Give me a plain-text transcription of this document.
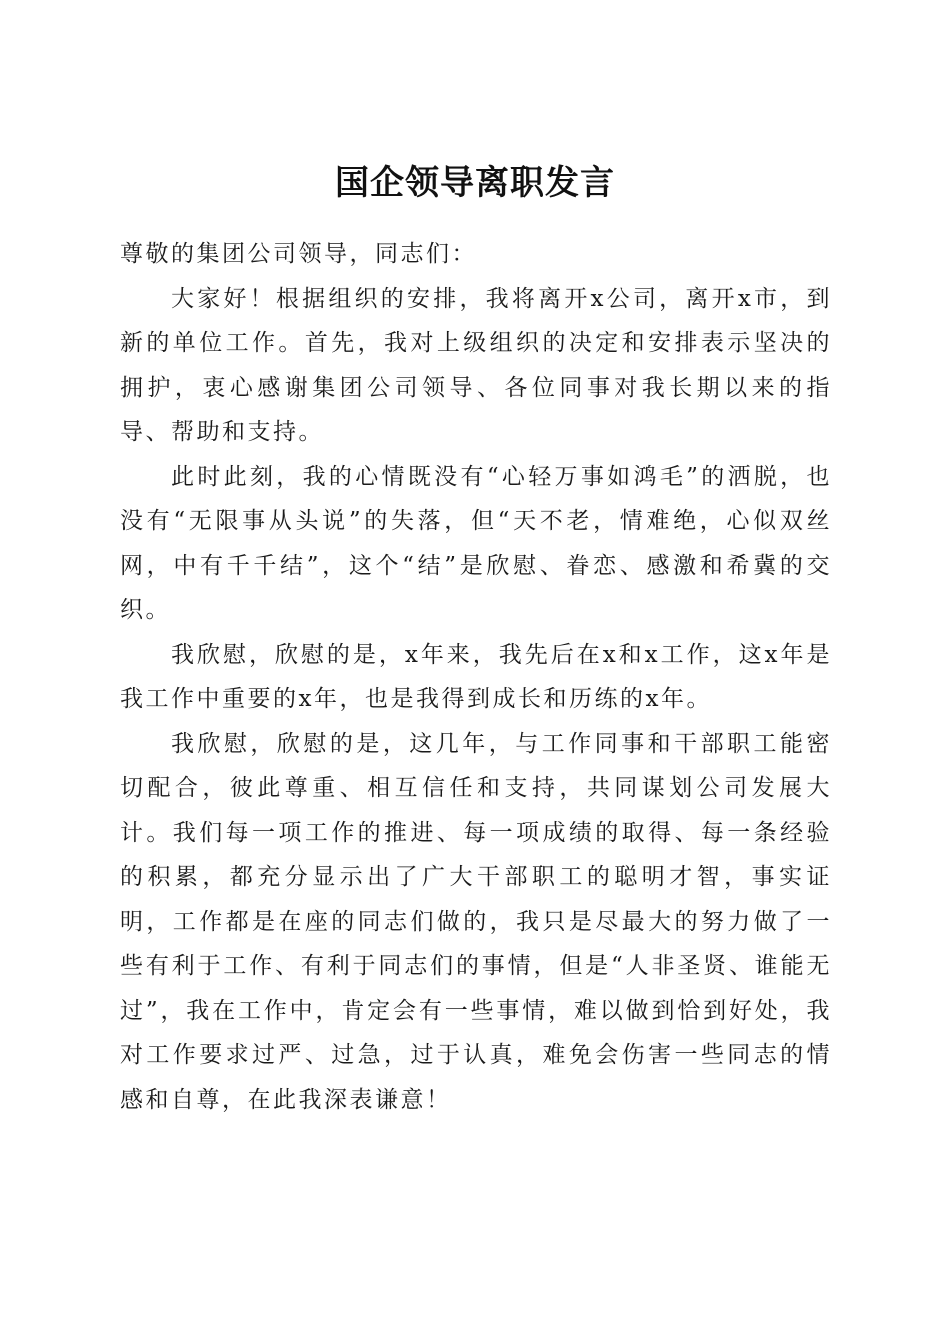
国企领导离职发言

尊敬的集团公司领导，同志们：

大家好！根据组织的安排，我将离开x公司，离开x市，到新的单位工作。首先，我对上级组织的决定和安排表示坚决的拥护，衷心感谢集团公司领导、各位同事对我长期以来的指导、帮助和支持。

此时此刻，我的心情既没有“心轻万事如鸿毛”的洒脱，也没有“无限事从头说”的失落，但“天不老，情难绝，心似双丝网，中有千千结”，这个“结”是欣慰、眷恋、感激和希冀的交织。

我欣慰，欣慰的是，x年来，我先后在x和x工作，这x年是我工作中重要的x年，也是我得到成长和历练的x年。

我欣慰，欣慰的是，这几年，与工作同事和干部职工能密切配合，彼此尊重、相互信任和支持，共同谋划公司发展大计。我们每一项工作的推进、每一项成绩的取得、每一条经验的积累，都充分显示出了广大干部职工的聪明才智，事实证明，工作都是在座的同志们做的，我只是尽最大的努力做了一些有利于工作、有利于同志们的事情，但是“人非圣贤、谁能无过”，我在工作中，肯定会有一些事情，难以做到恰到好处，我对工作要求过严、过急，过于认真，难免会伤害一些同志的情感和自尊，在此我深表谦意！
